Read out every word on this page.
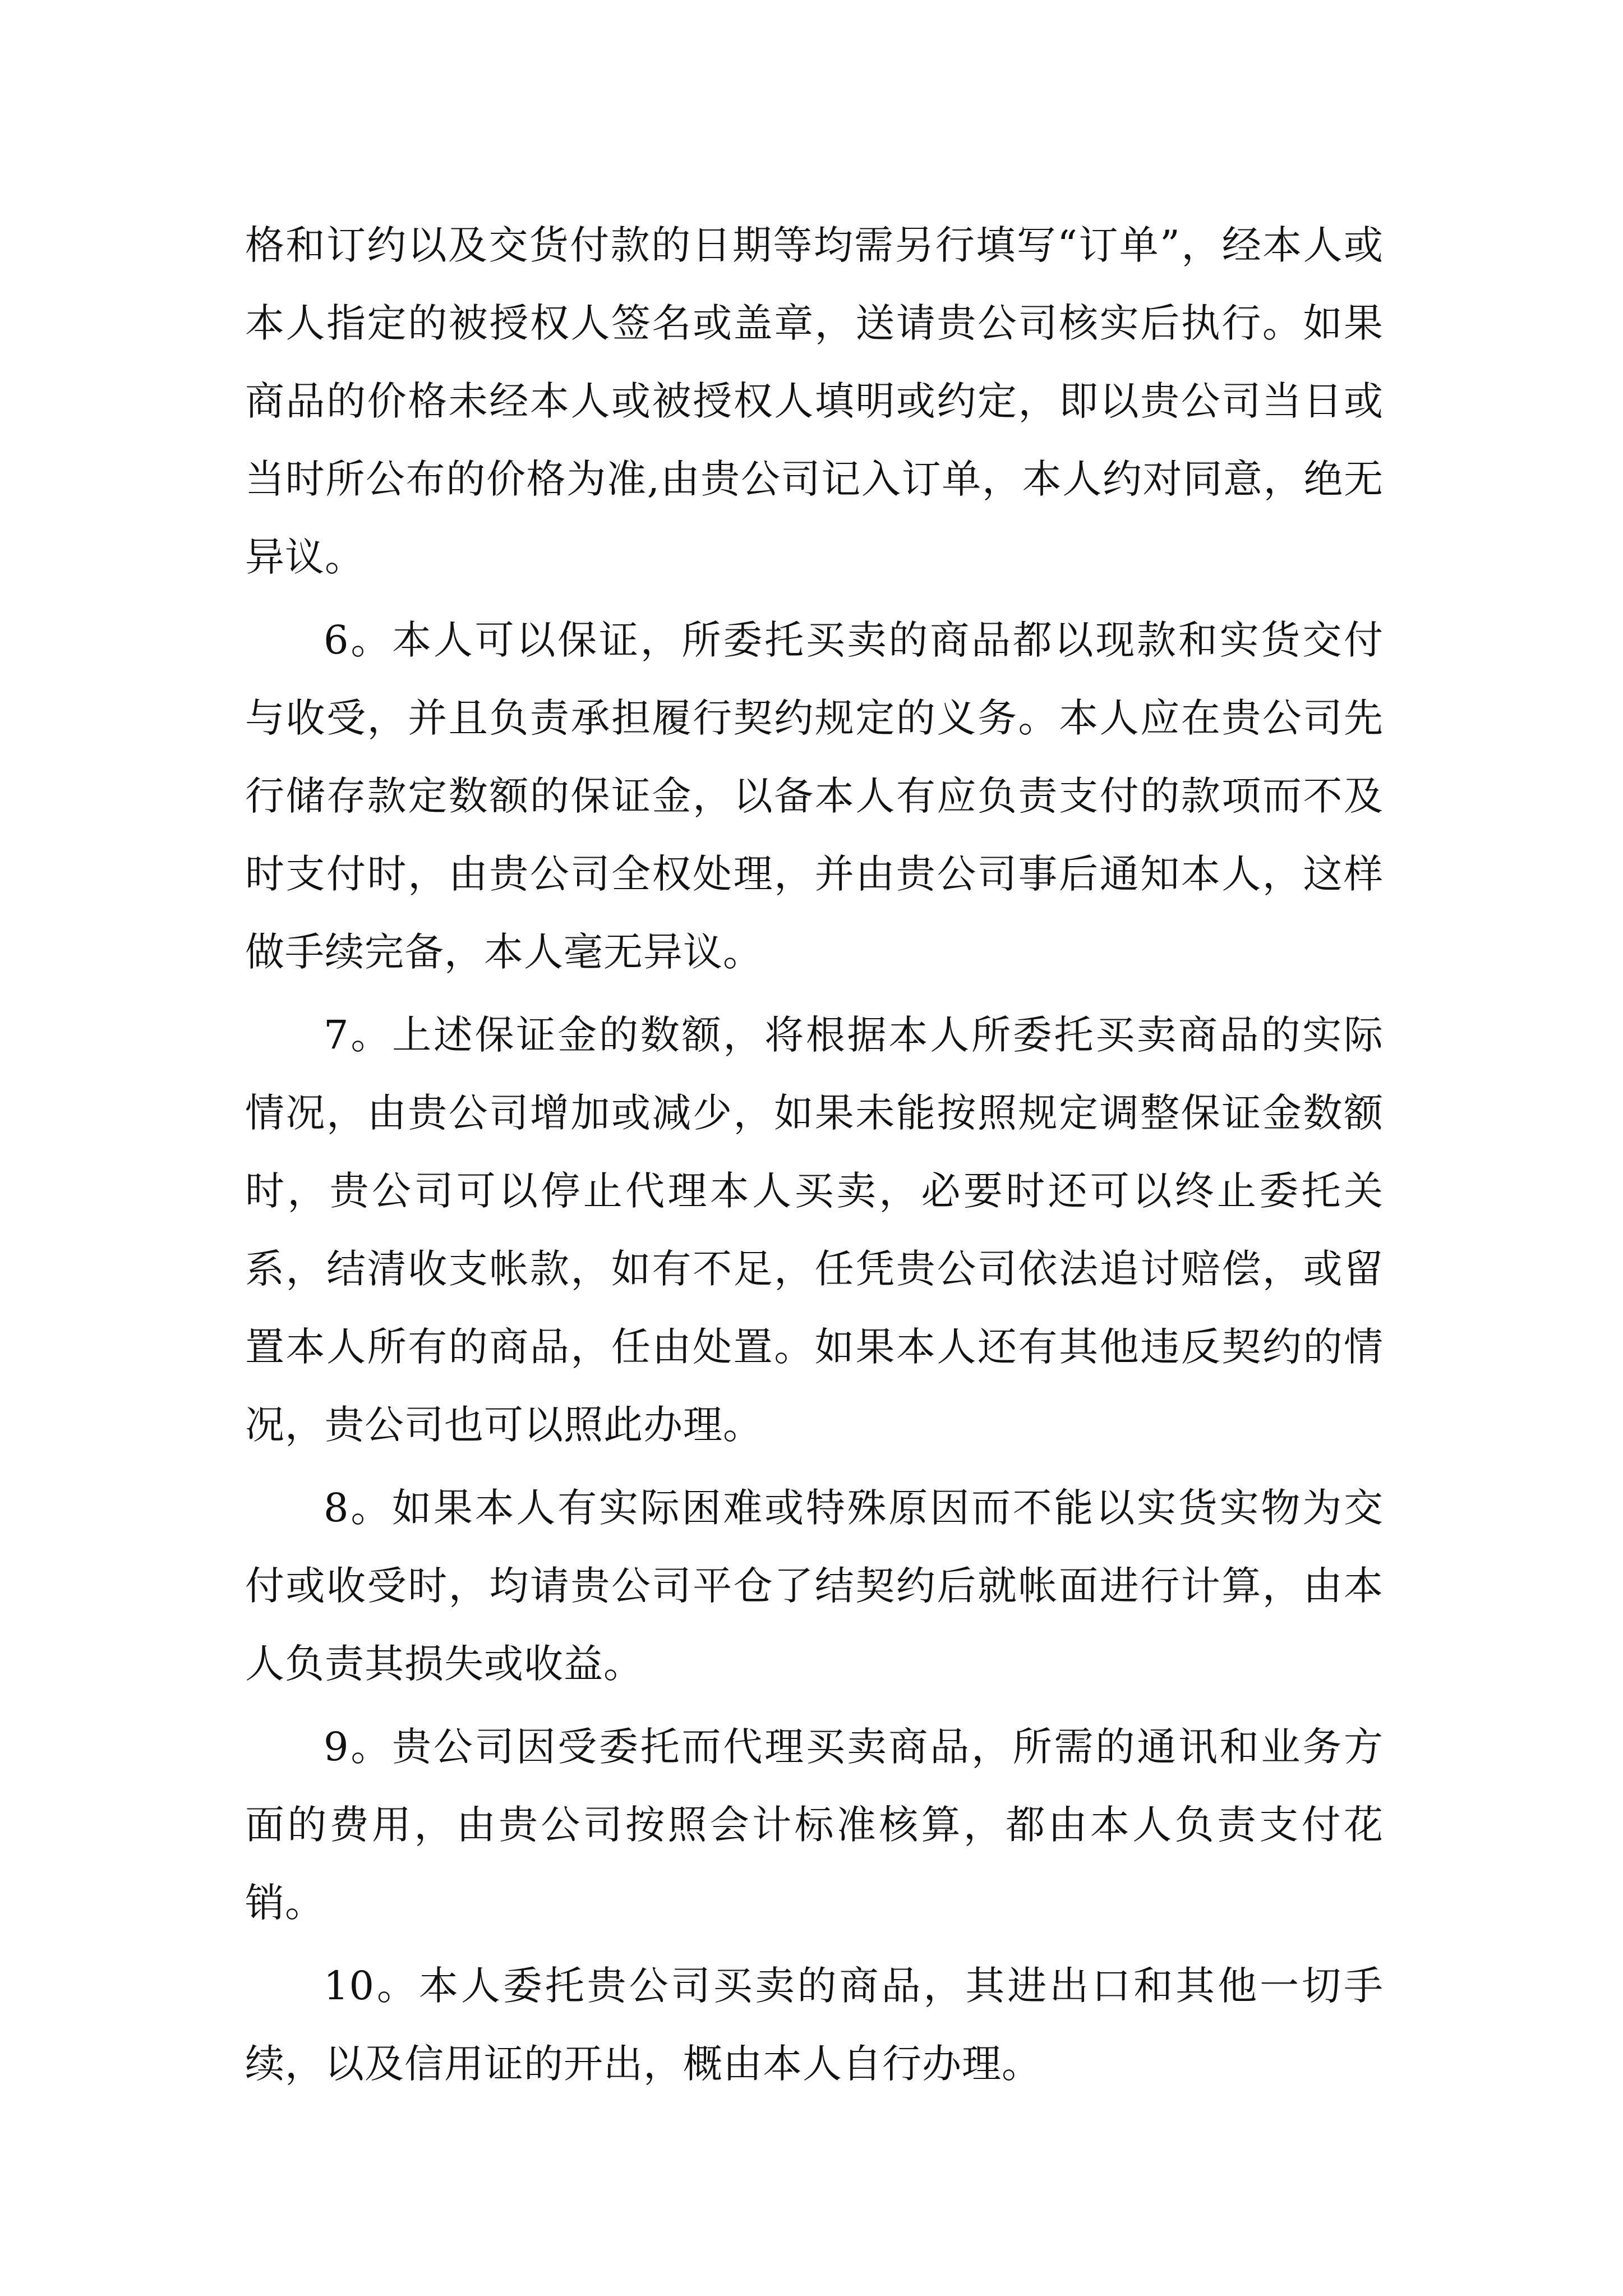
格和订约以及交货付款的日期等均需另行填写“订单”，经本人或本人指定的被授权人签名或盖章，送请贵公司核实后执行。如果商品的价格未经本人或被授权人填明或约定，即以贵公司当日或当时所公布的价格为准,由贵公司记入订单，本人约对同意，绝无异议。

6。本人可以保证，所委托买卖的商品都以现款和实货交付与收受，并且负责承担履行契约规定的义务。本人应在贵公司先行储存款定数额的保证金，以备本人有应负责支付的款项而不及时支付时，由贵公司全权处理，并由贵公司事后通知本人，这样做手续完备，本人毫无异议。

7。上述保证金的数额，将根据本人所委托买卖商品的实际情况，由贵公司增加或减少，如果未能按照规定调整保证金数额时，贵公司可以停止代理本人买卖，必要时还可以终止委托关系，结清收支帐款，如有不足，任凭贵公司依法追讨赔偿，或留置本人所有的商品，任由处置。如果本人还有其他违反契约的情况，贵公司也可以照此办理。

8。如果本人有实际困难或特殊原因而不能以实货实物为交付或收受时，均请贵公司平仓了结契约后就帐面进行计算，由本人负责其损失或收益。

9。贵公司因受委托而代理买卖商品，所需的通讯和业务方面的费用，由贵公司按照会计标准核算，都由本人负责支付花销。

10。本人委托贵公司买卖的商品，其进出口和其他一切手续，以及信用证的开出，概由本人自行办理。
